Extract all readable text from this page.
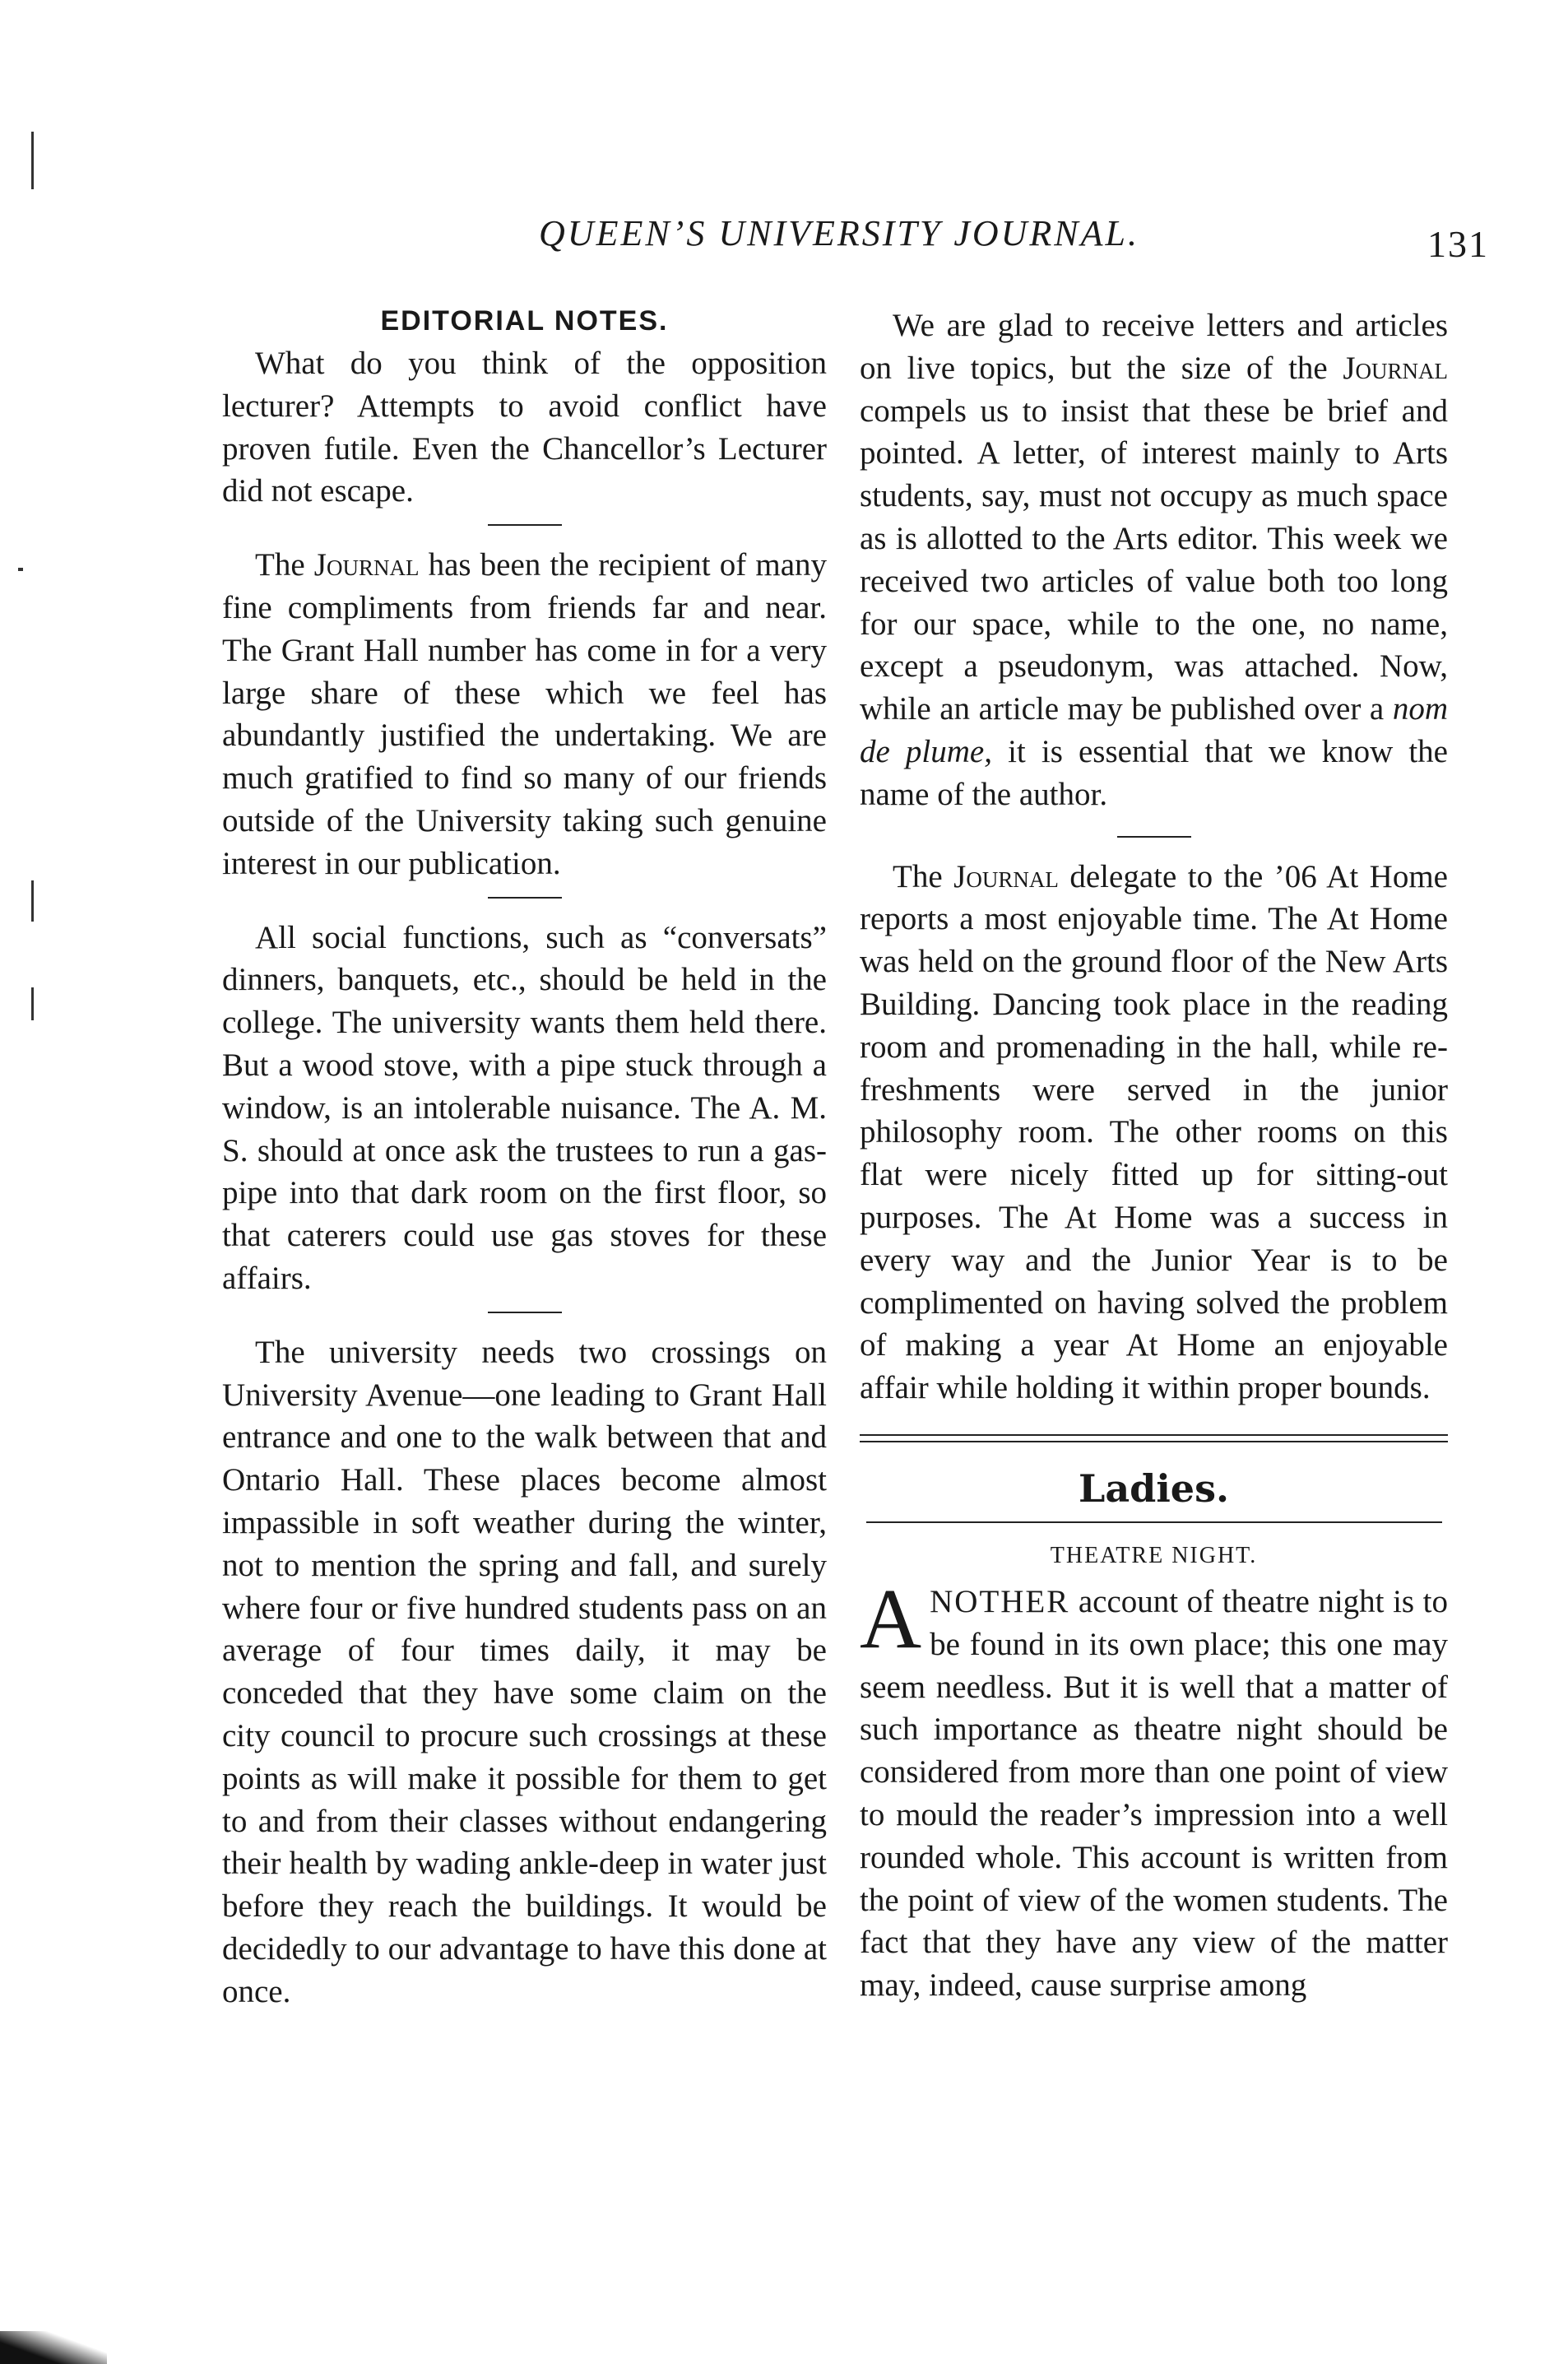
QUEEN’S UNIVERSITY JOURNAL.	131
EDITORIAL NOTES.

What do you think of the opposition lecturer? Attempts to avoid conflict have proven futile. Even the Chancellor’s Lecturer did not escape.

The Journal has been the recipient of many fine compliments from friends far and near. The Grant Hall number has come in for a very large share of these which we feel has abundantly justified the undertaking. We are much gratified to find so many of our friends outside of the University taking such genuine interest in our publication.

All social functions, such as “conversats” dinners, banquets, etc., should be held in the college. The university wants them held there. But a wood stove, with a pipe stuck through a window, is an intolerable nuisance. The A. M. S. should at once ask the trustees to run a gas-pipe into that dark room on the first floor, so that caterers could use gas stoves for these affairs.

The university needs two crossings on University Avenue—one leading to Grant Hall entrance and one to the walk between that and Ontario Hall. These places become almost impassible in soft weather during the winter, not to mention the spring and fall, and surely where four or five hundred students pass on an average of four times daily, it may be conceded that they have some claim on the city council to procure such crossings at these points as will make it possible for them to get to and from their classes without endangering their health by wading ankle-deep in water just before they reach the buildings. It would be decidedly to our advantage to have this done at once.

We are glad to receive letters and articles on live topics, but the size of the Journal compels us to insist that these be brief and pointed. A letter, of interest mainly to Arts students, say, must not occupy as much space as is allotted to the Arts editor. This week we received two articles of value both too long for our space, while to the one, no name, except a pseudonym, was attached. Now, while an article may be published over a nom de plume, it is essential that we know the name of the author.

The Journal delegate to the ’06 At Home reports a most enjoyable time. The At Home was held on the ground floor of the New Arts Building. Dancing took place in the reading room and promenading in the hall, while refreshments were served in the junior philosophy room. The other rooms on this flat were nicely fitted up for sitting-out purposes. The At Home was a success in every way and the Junior Year is to be complimented on having solved the problem of making a year At Home an enjoyable affair while holding it within proper bounds.

Ladies.
THEATRE NIGHT.

ANOTHER account of theatre night is to be found in its own place; this one may seem needless. But it is well that a matter of such importance as theatre night should be considered from more than one point of view to mould the reader’s impression into a well rounded whole. This account is written from the point of view of the women students. The fact that they have any view of the matter may, indeed, cause surprise among
